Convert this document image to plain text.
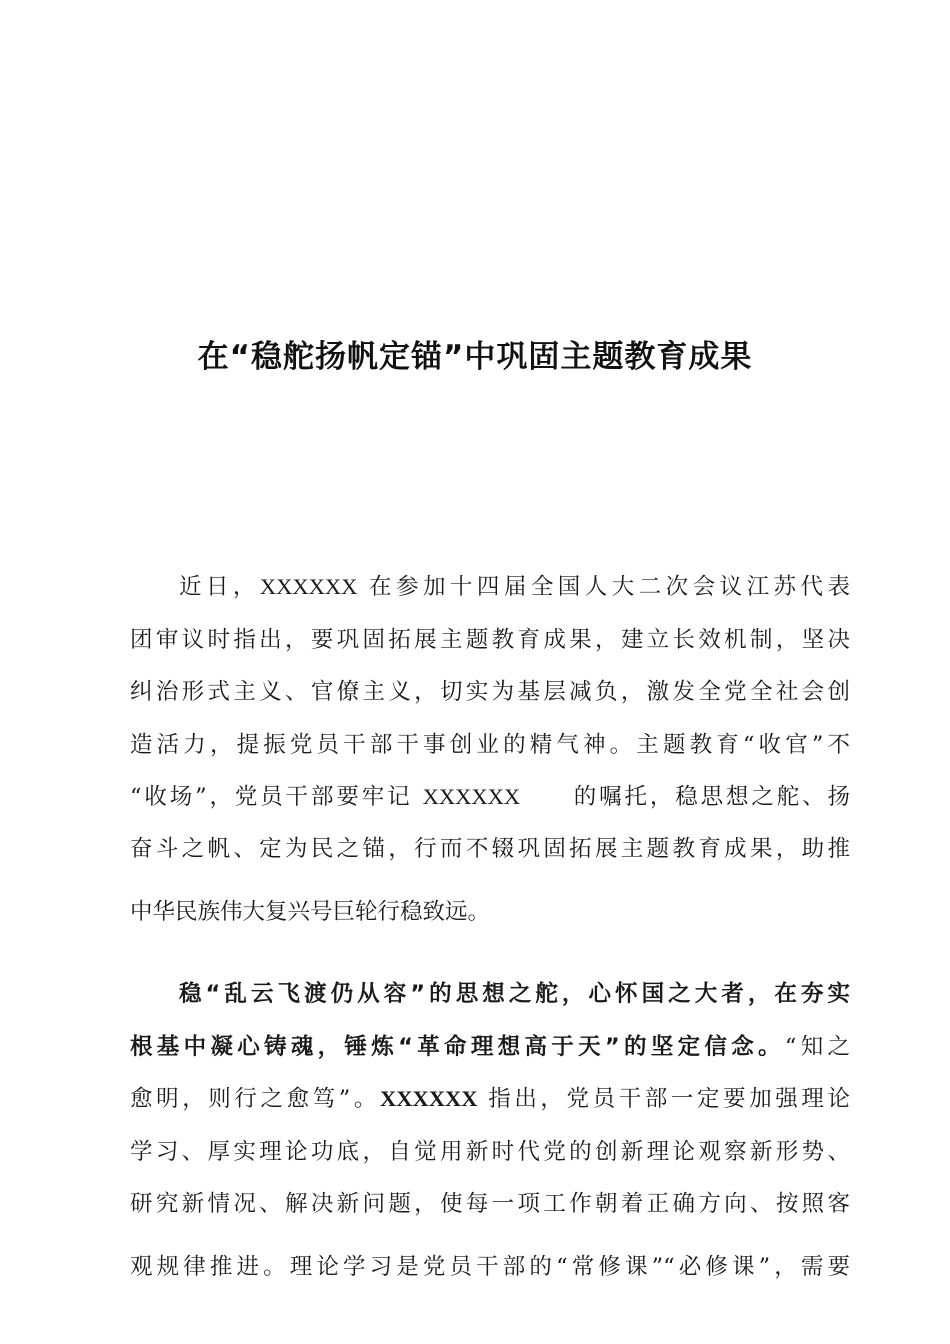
在“稳舵扬帆定锚”中巩固主题教育成果
近日，XXXXXX 在参加十四届全国人大二次会议江苏代表
团审议时指出，要巩固拓展主题教育成果，建立长效机制，坚决
纠治形式主义、官僚主义，切实为基层减负，激发全党全社会创
造活力，提振党员干部干事创业的精气神。主题教育“收官”不
“收场”，党员干部要牢记 XXXXXX　　的嘱托，稳思想之舵、扬
奋斗之帆、定为民之锚，行而不辍巩固拓展主题教育成果，助推
中华民族伟大复兴号巨轮行稳致远。
稳“乱云飞渡仍从容”的思想之舵，心怀国之大者，在夯实
根基中凝心铸魂，锤炼“革命理想高于天”的坚定信念。“知之
愈明，则行之愈笃”。XXXXXX 指出，党员干部一定要加强理论
学习、厚实理论功底，自觉用新时代党的创新理论观察新形势、
研究新情况、解决新问题，使每一项工作朝着正确方向、按照客
观规律推进。理论学习是党员干部的“常修课”“必修课”，需要
